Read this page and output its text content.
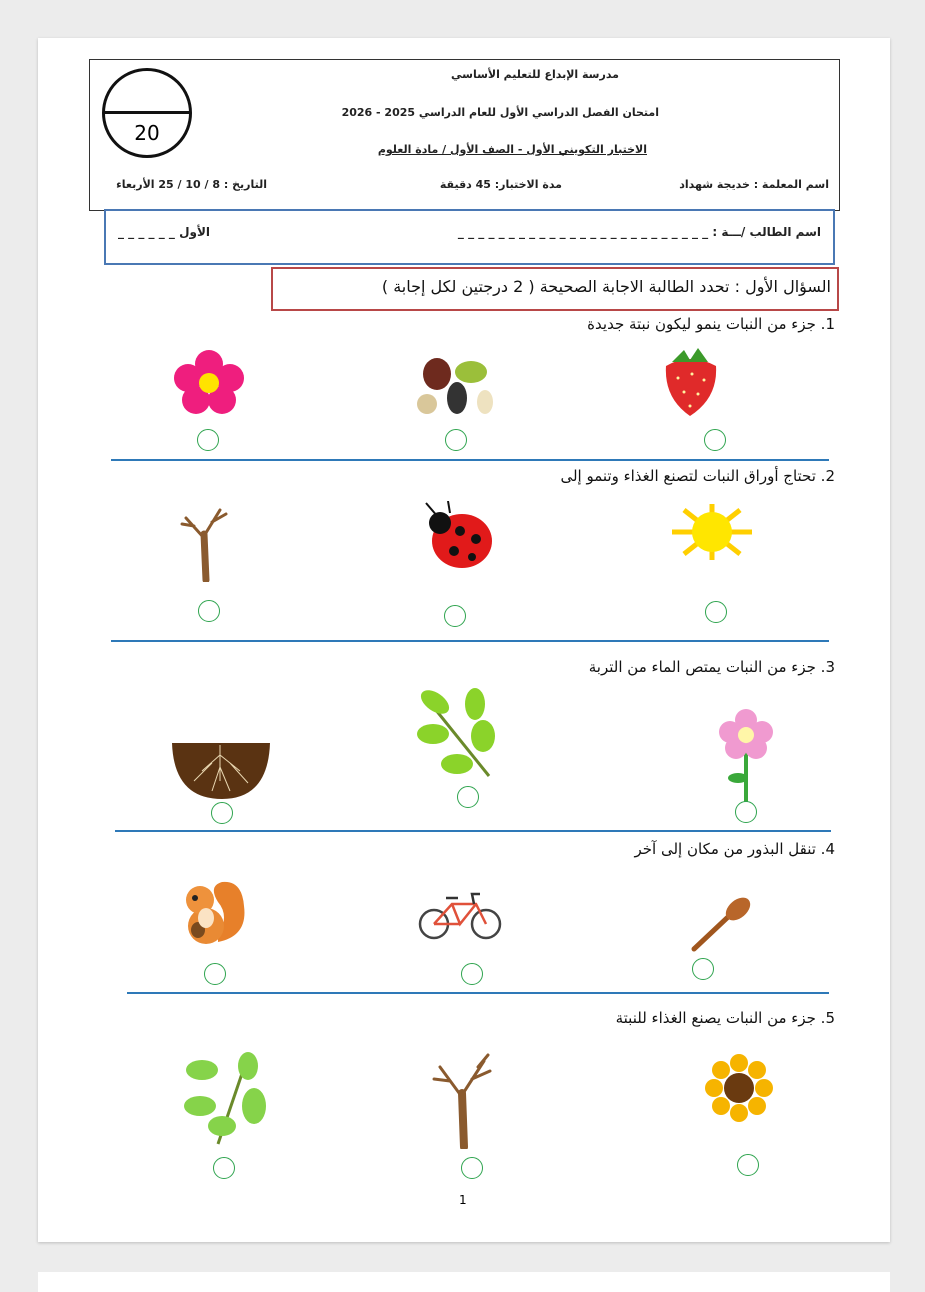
20
مدرسة الإبداع للتعليم الأساسي
امتحان الفصل الدراسي الأول للعام الدراسي 2025 - 2026
الاختبار التكويني الأول - الصف الأول / مادة العلوم
اسم المعلمة : خديجة شهداد
مدة الاختبار: 45 دقيقة
التاريخ : 8 / 10 / 25 الأربعاء
اسم الطالب /ـــة : _ _ _ _ _ _ _ _ _ _ _ _ _ _ _ _ _ _ _ _ _ _ _ _ _
الأول _ _ _ _ _ _
السؤال الأول : تحدد الطالبة الاجابة الصحيحة ( 2 درجتين لكل إجابة )
1. جزء من النبات ينمو ليكون نبتة جديدة
2. تحتاج أوراق النبات لتصنع الغذاء وتنمو إلى
3. جزء من النبات يمتص الماء من التربة
4. تنقل البذور من مكان إلى آخر
5. جزء من النبات يصنع الغذاء للنبتة
1
